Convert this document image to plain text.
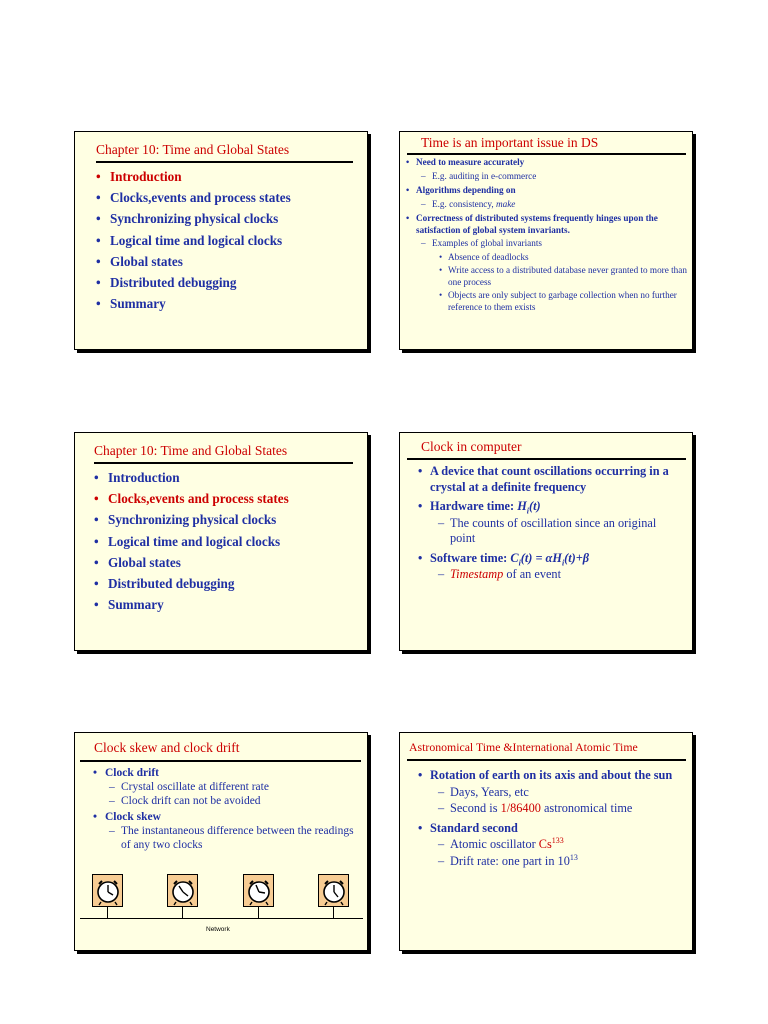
Chapter 10: Time and Global States
• Introduction
• Clocks,events and process states
• Synchronizing physical clocks
• Logical time and logical clocks
• Global states
• Distributed debugging
• Summary
Time is an important issue in DS
• Need to measure accurately
– E.g. auditing in e-commerce
• Algorithms depending on
– E.g. consistency, make
• Correctness of distributed systems frequently hinges upon the satisfaction of global system invariants.
– Examples of global invariants
• Absence of deadlocks
• Write access to a distributed database never granted to more than one process
• Objects are only subject to garbage collection when no further reference to them exists
Chapter 10: Time and Global States
• Introduction
• Clocks,events and process states
• Synchronizing physical clocks
• Logical time and logical clocks
• Global states
• Distributed debugging
• Summary
Clock in computer
• A device that count oscillations occurring in a crystal at a definite frequency
• Hardware time: $H_i(t)$
– The counts of oscillation since an original point
• Software time: $C_i(t) = \alpha H_i(t)+\beta$
– Timestamp of an event
Clock skew and clock drift
• Clock drift
– Crystal oscillate at different rate
– Clock drift can not be avoided
• Clock skew
– The instantaneous difference between the readings of any two clocks
Network
Astronomical Time &International Atomic Time
• Rotation of earth on its axis and about the sun
– Days, Years, etc
– Second is 1/86400 astronomical time
• Standard second
– Atomic oscillator Cs$^{133}$
– Drift rate: one part in $10^{13}$
